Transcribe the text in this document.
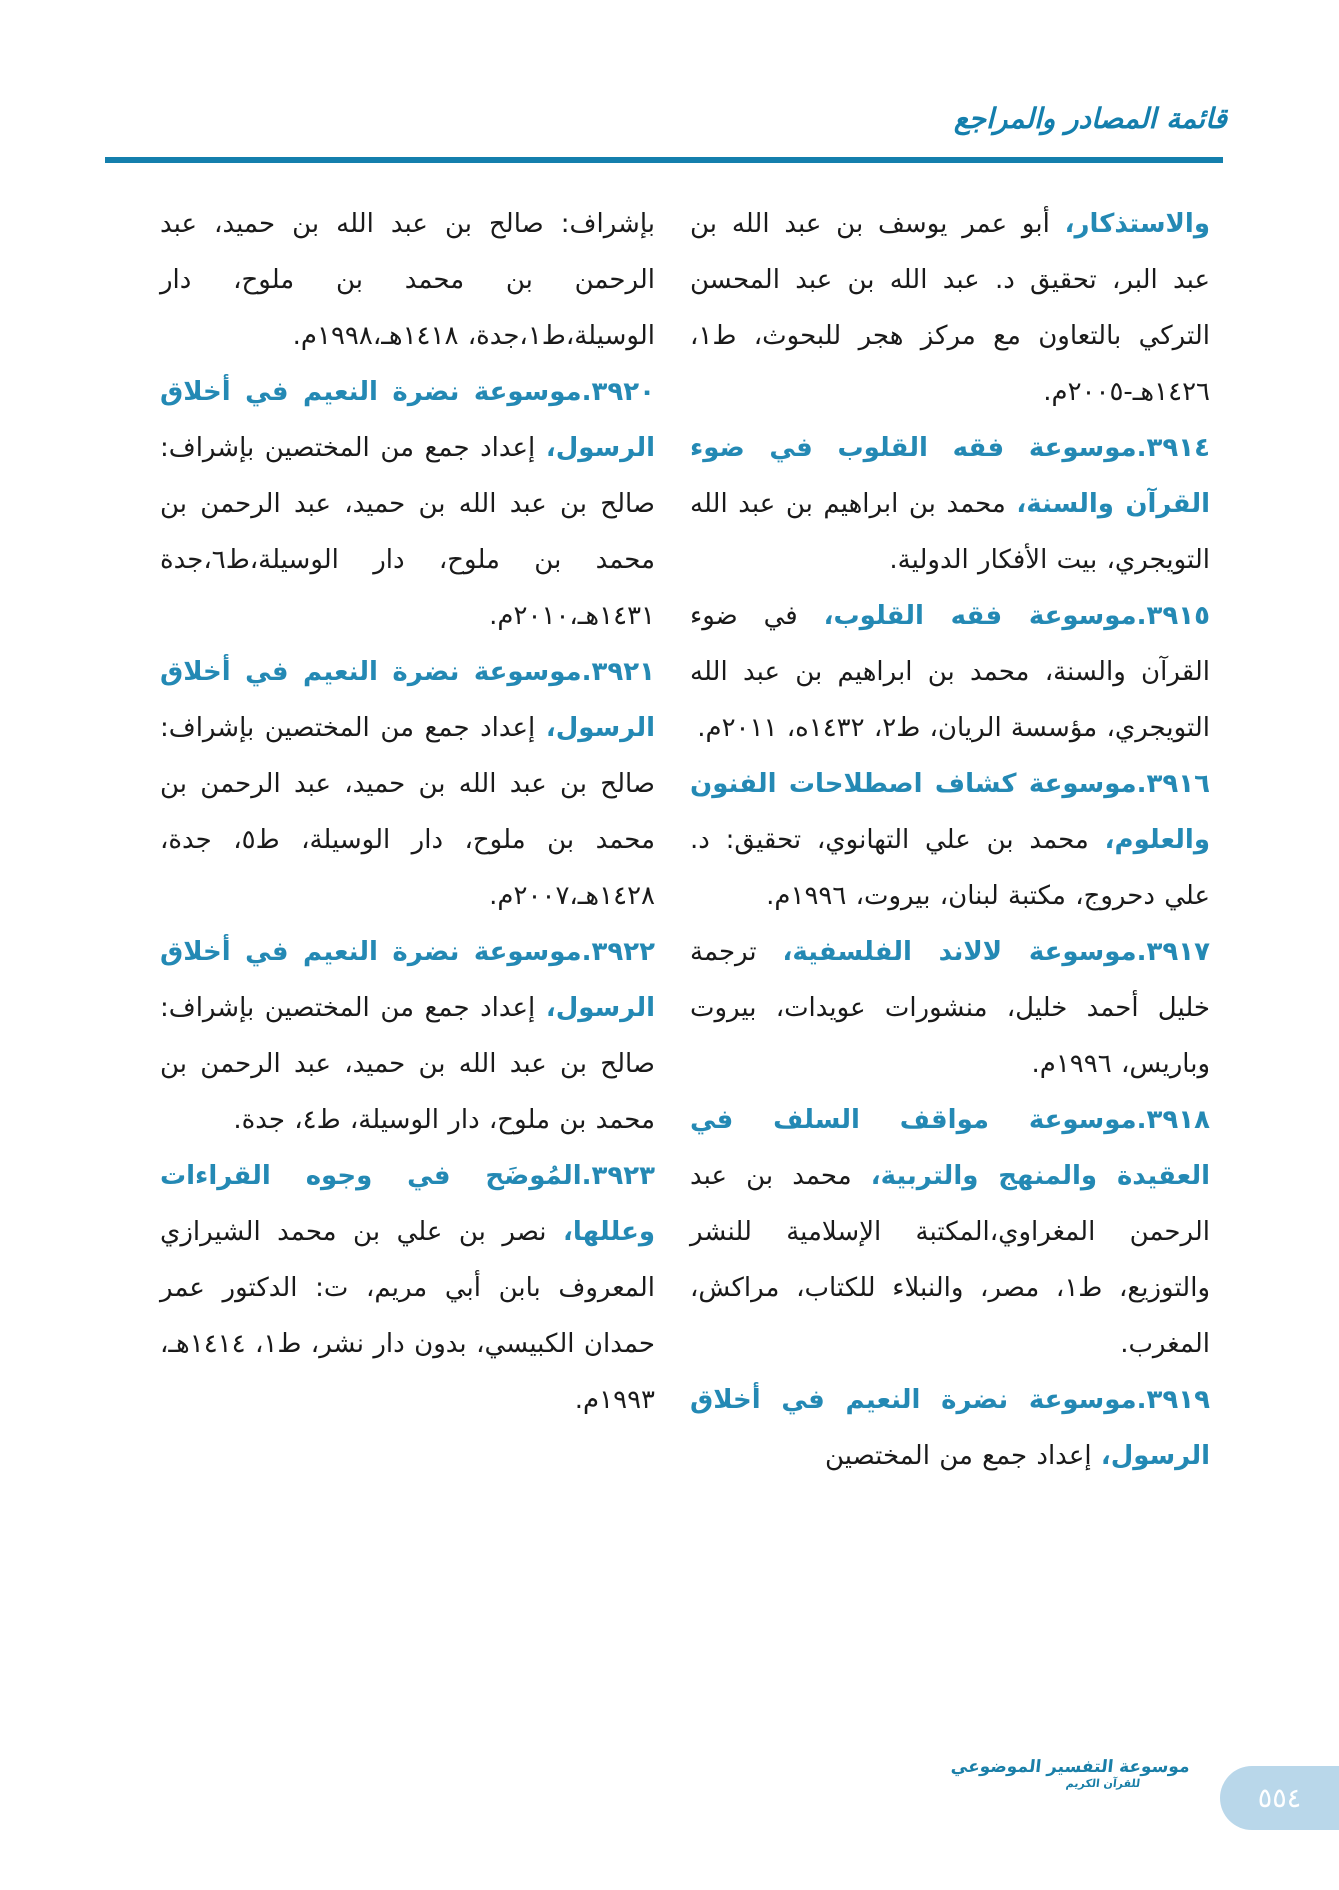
قائمة المصادر والمراجع

والاستذكار، أبو عمر يوسف بن عبد الله بن عبد البر، تحقيق د. عبد الله بن عبد المحسن التركي بالتعاون مع مركز هجر للبحوث، ط١، ١٤٢٦هـ-٢٠٠٥م.

٣٩١٤.موسوعة فقه القلوب في ضوء القرآن والسنة، محمد بن ابراهيم بن عبد الله التويجري، بيت الأفكار الدولية.

٣٩١٥.موسوعة فقه القلوب، في ضوء القرآن والسنة، محمد بن ابراهيم بن عبد الله التويجري، مؤسسة الريان، ط٢، ١٤٣٢ه، ٢٠١١م.

٣٩١٦.موسوعة كشاف اصطلاحات الفنون والعلوم، محمد بن علي التهانوي، تحقيق: د. علي دحروج، مكتبة لبنان، بيروت، ١٩٩٦م.

٣٩١٧.موسوعة لالاند الفلسفية، ترجمة خليل أحمد خليل، منشورات عويدات، بيروت وباريس، ١٩٩٦م.

٣٩١٨.موسوعة مواقف السلف في العقيدة والمنهج والتربية، محمد بن عبد الرحمن المغراوي،المكتبة الإسلامية للنشر والتوزيع، ط١، مصر، والنبلاء للكتاب، مراكش، المغرب.

٣٩١٩.موسوعة نضرة النعيم في أخلاق الرسول، إعداد جمع من المختصين

بإشراف: صالح بن عبد الله بن حميد، عبد الرحمن بن محمد بن ملوح، دار الوسيلة،ط١،جدة، ١٤١٨هـ،١٩٩٨م.

٣٩٢٠.موسوعة نضرة النعيم في أخلاق الرسول، إعداد جمع من المختصين بإشراف: صالح بن عبد الله بن حميد، عبد الرحمن بن محمد بن ملوح، دار الوسيلة،ط٦،جدة ١٤٣١هـ،٢٠١٠م.

٣٩٢١.موسوعة نضرة النعيم في أخلاق الرسول، إعداد جمع من المختصين بإشراف: صالح بن عبد الله بن حميد، عبد الرحمن بن محمد بن ملوح، دار الوسيلة، ط٥، جدة، ١٤٢٨هـ،٢٠٠٧م.

٣٩٢٢.موسوعة نضرة النعيم في أخلاق الرسول، إعداد جمع من المختصين بإشراف: صالح بن عبد الله بن حميد، عبد الرحمن بن محمد بن ملوح، دار الوسيلة، ط٤، جدة.

٣٩٢٣.المُوضَح في وجوه القراءات وعللها، نصر بن علي بن محمد الشيرازي المعروف بابن أبي مريم، ت: الدكتور عمر حمدان الكبيسي، بدون دار نشر، ط١، ١٤١٤هـ، ١٩٩٣م.

موسوعة التفسير الموضوعي
للقرآن الكريم	٥٥٤
